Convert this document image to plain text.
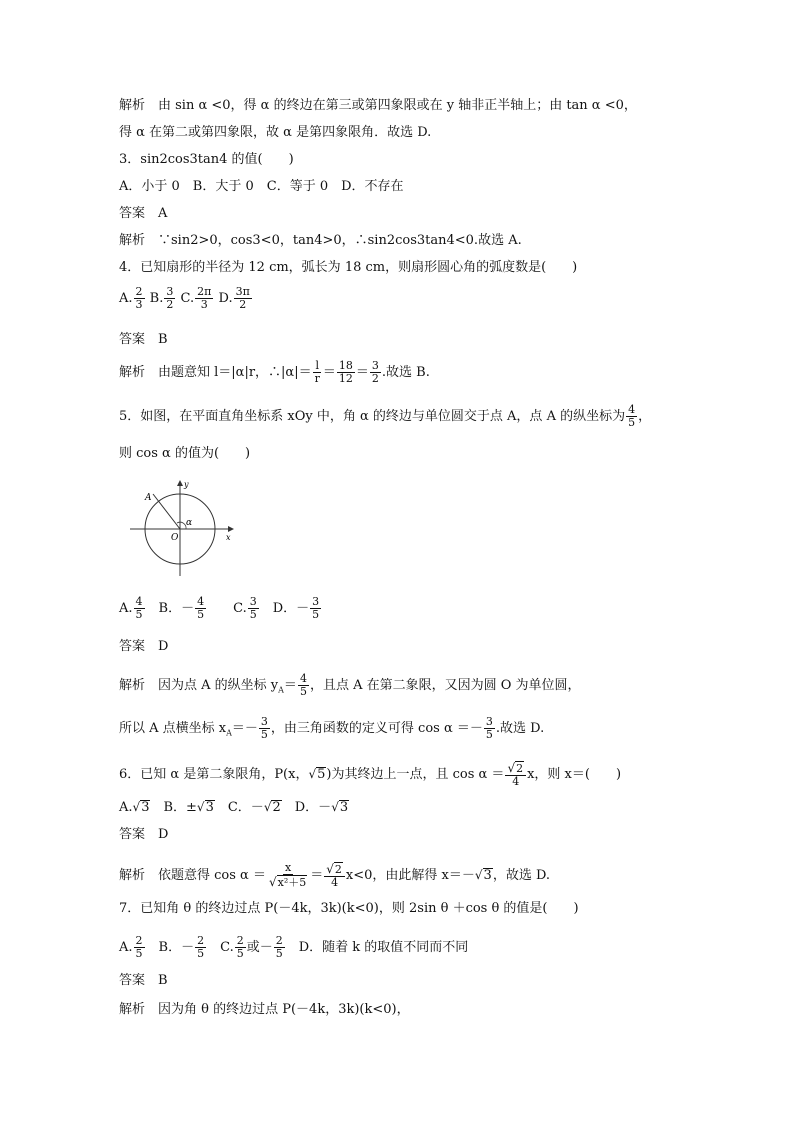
解析　由 sin α <0，得 α 的终边在第三或第四象限或在 y 轴非正半轴上；由 tan α <0，
得 α 在第二或第四象限，故 α 是第四象限角．故选 D.
3．sin2cos3tan4 的值(　　)
A．小于 0　B．大于 0　C．等于 0　D．不存在
答案　A
解析　∵sin2>0，cos3<0，tan4>0，∴sin2cos3tan4<0.故选 A.
4．已知扇形的半径为 12 cm，弧长为 18 cm，则扇形圆心角的弧度数是(　　)
A. $\frac{2}{3} B$. $\frac{3}{2} C$. $\frac{2\pi}{3} D$. $\frac{3\pi}{2}$
答案　B
解析　由题意知 l＝|α|r，∴|α|＝ $\frac{l}{r} = \frac{18}{12} = \frac{3}{2}$ .故选 B.
5．如图，在平面直角坐标系 xOy 中，角 α 的终边与单位圆交于点 A，点 A 的纵坐标为 $\frac{4}{5}$ ，
则 cos α 的值为(　　)
A
y
x
O
α
A. $\frac{4}{5}$ 　B．－ $\frac{4}{5}$ 　　C. $\frac{3}{5}$ 　D．－ $\frac{3}{5}$
答案　D
解析　因为点 A 的纵坐标 $y_A= \frac{4}{5}$ ，且点 A 在第二象限，又因为圆 O 为单位圆，
所以 A 点横坐标 $x_A=- \frac{3}{5}$ ，由三角函数的定义可得 $\cos \alpha =- \frac{3}{5}$ .故选 D.
6．已知 α 是第二象限角，P(x，√5)为其终边上一点，且 $\cos \alpha = \frac{√2}{4}$ x，则 x＝(　　)
A.√3　B．±√3　C．－√2　D．－√3
答案　D
解析　依题意得 $\cos \alpha = \frac{x}{\text{√x²＋5}} = \frac{√2}{4} x<0$，由此解得 x＝－√3，故选 D.
7．已知角 θ 的终边过点 P(－4k，3k)(k<0)，则 2sin θ ＋cos θ 的值是(　　)
A. $\frac{2}{5}$ 　B．－ $\frac{2}{5}$ 　C. $\frac{2}{5}$ 或－ $\frac{2}{5}$ 　D．随着 k 的取值不同而不同
答案　B
解析　因为角 θ 的终边过点 P(－4k，3k)(k<0)，
